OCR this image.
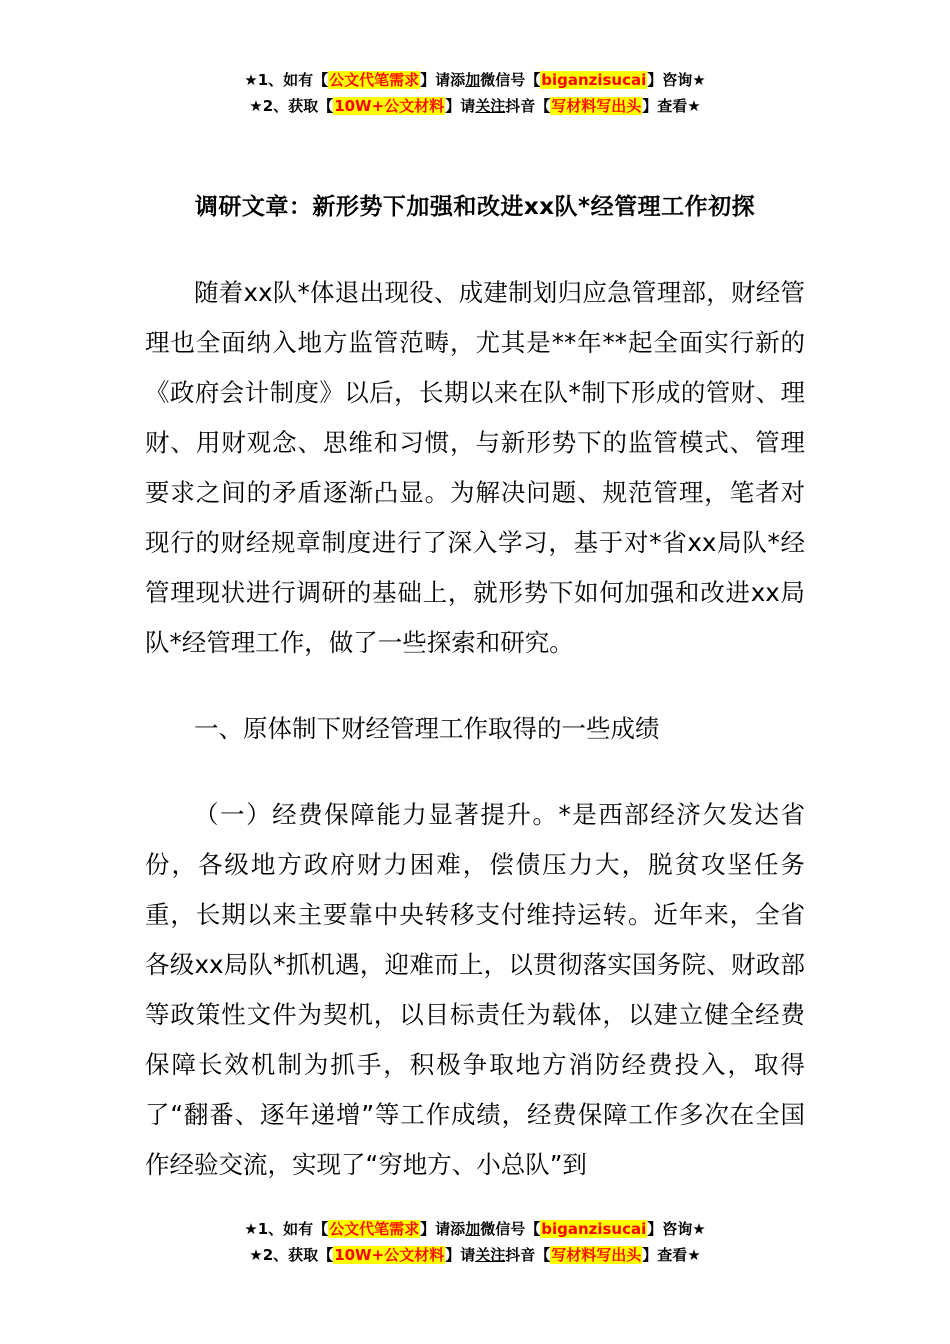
★1、如有【公文代笔需求】请添加微信号【biganzisucai】咨询★
★2、获取【10W+公文材料】请关注抖音【写材料写出头】查看★
调研文章：新形势下加强和改进xx队*经管理工作初探

随着xx队*体退出现役、成建制划归应急管理部，财经管理也全面纳入地方监管范畴，尤其是**年**起全面实行新的《政府会计制度》以后，长期以来在队*制下形成的管财、理财、用财观念、思维和习惯，与新形势下的监管模式、管理要求之间的矛盾逐渐凸显。为解决问题、规范管理，笔者对现行的财经规章制度进行了深入学习，基于对*省xx局队*经管理现状进行调研的基础上，就形势下如何加强和改进xx局队*经管理工作，做了一些探索和研究。

一、原体制下财经管理工作取得的一些成绩

（一）经费保障能力显著提升。*是西部经济欠发达省份，各级地方政府财力困难，偿债压力大，脱贫攻坚任务重，长期以来主要靠中央转移支付维持运转。近年来，全省各级xx局队*抓机遇，迎难而上，以贯彻落实国务院、财政部等政策性文件为契机，以目标责任为载体，以建立健全经费保障长效机制为抓手，积极争取地方消防经费投入，取得了“翻番、逐年递增”等工作成绩，经费保障工作多次在全国作经验交流，实现了“穷地方、小总队”到

★1、如有【公文代笔需求】请添加微信号【biganzisucai】咨询★
★2、获取【10W+公文材料】请关注抖音【写材料写出头】查看★
